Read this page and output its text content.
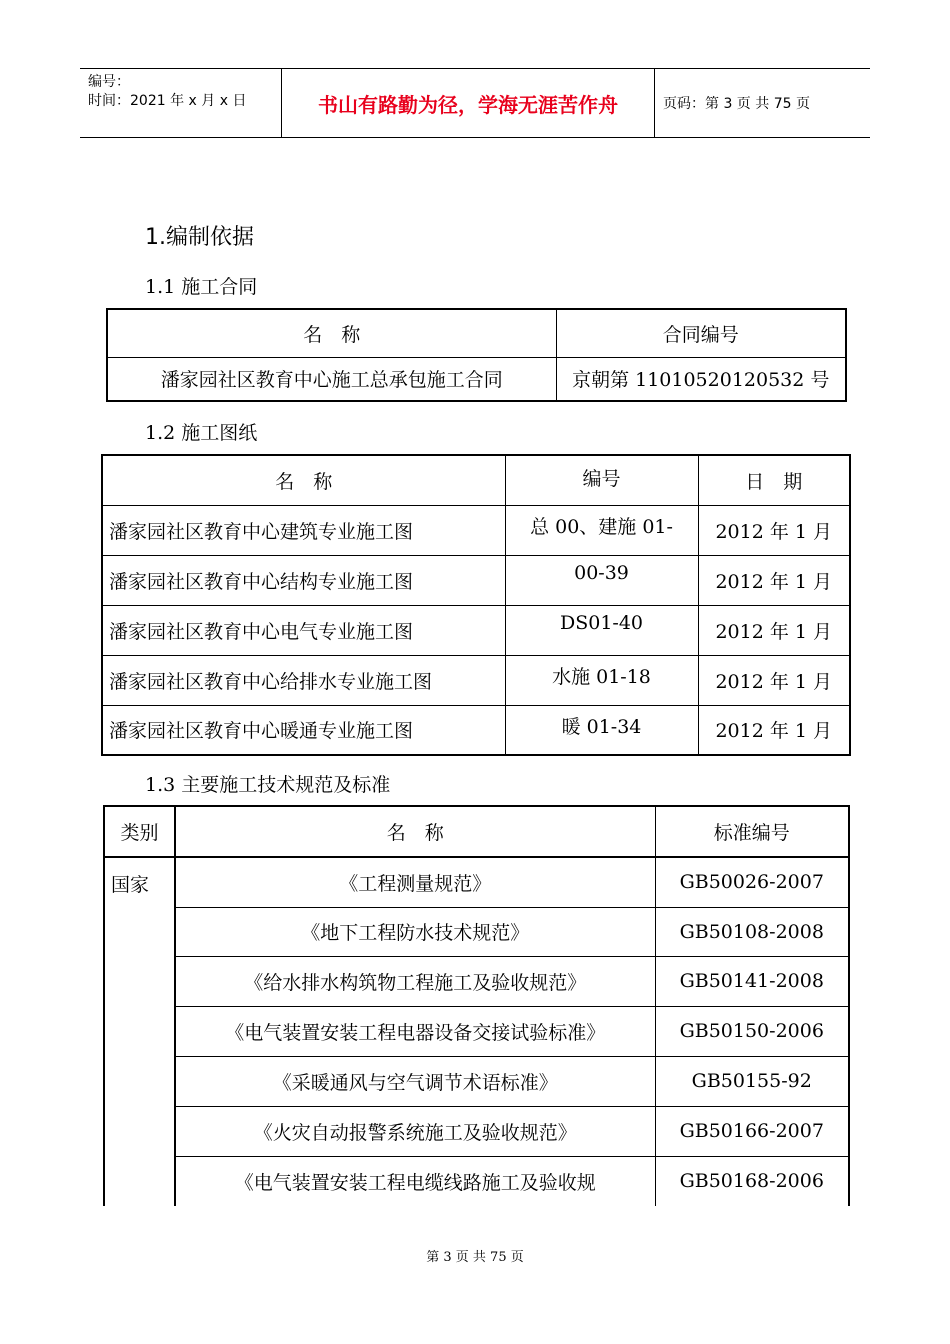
编号：
时间：2021 年 x 月 x 日	书山有路勤为径，学海无涯苦作舟	页码：第 3 页 共 75 页
1.编制依据
1.1 施工合同
名　称	合同编号
潘家园社区教育中心施工总承包施工合同	京朝第 11010520120532 号
1.2 施工图纸
名　称	编号	日　期
潘家园社区教育中心建筑专业施工图	总 00、建施 01-	2012 年 1 月
潘家园社区教育中心结构专业施工图	00-39	2012 年 1 月
潘家园社区教育中心电气专业施工图	DS01-40	2012 年 1 月
潘家园社区教育中心给排水专业施工图	水施 01-18	2012 年 1 月
潘家园社区教育中心暖通专业施工图	暖 01-34	2012 年 1 月
1.3 主要施工技术规范及标准
类别	名　称	标准编号
国家	《工程测量规范》	GB50026-2007
	《地下工程防水技术规范》	GB50108-2008
	《给水排水构筑物工程施工及验收规范》	GB50141-2008
	《电气装置安装工程电器设备交接试验标准》	GB50150-2006
	《采暖通风与空气调节术语标准》	GB50155-92
	《火灾自动报警系统施工及验收规范》	GB50166-2007
	《电气装置安装工程电缆线路施工及验收规	GB50168-2006
第 3 页 共 75 页
